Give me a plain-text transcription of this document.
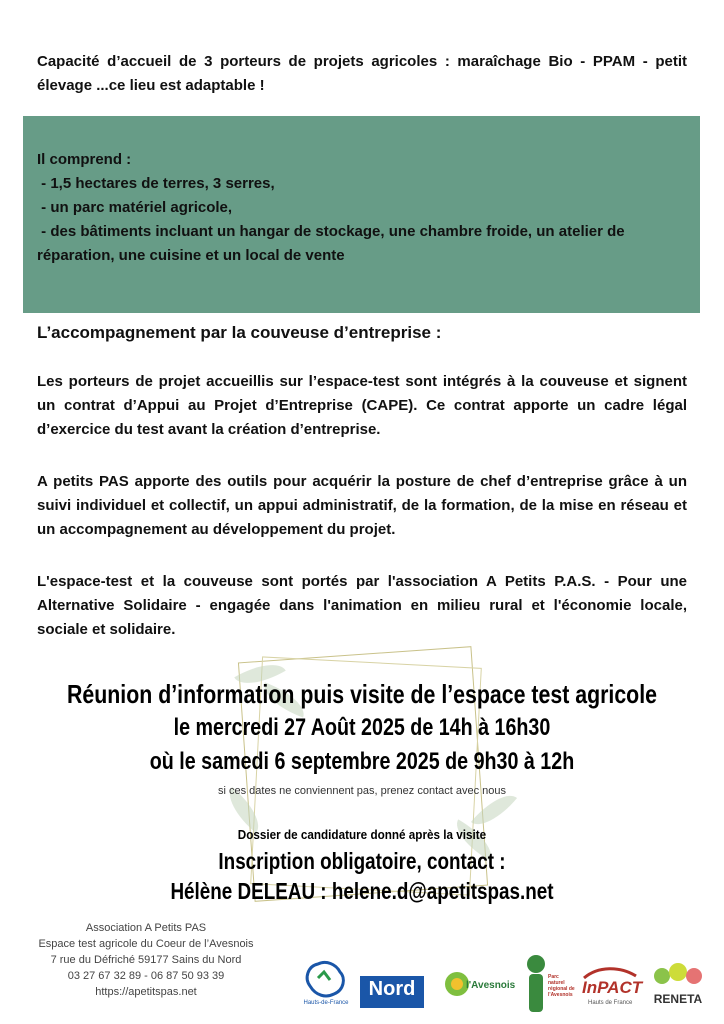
Capacité d’accueil de 3 porteurs de projets agricoles : maraîchage Bio - PPAM - petit élevage ...ce lieu est adaptable !
Il comprend :
- 1,5 hectares de terres, 3 serres,
- un parc matériel agricole,
- des bâtiments incluant un hangar de stockage, une chambre froide, un atelier de
réparation, une cuisine et un local de vente
L’accompagnement par la couveuse d’entreprise :
Les porteurs de projet accueillis sur l’espace-test sont intégrés à la couveuse et signent un contrat d’Appui au Projet d’Entreprise (CAPE). Ce contrat apporte un cadre légal d’exercice du test avant la création d’entreprise.
A petits PAS apporte des outils pour acquérir la posture de chef d’entreprise grâce à un suivi individuel et collectif, un appui administratif, de la formation, de la mise en réseau et un accompagnement au développement du projet.
L'espace-test et la couveuse sont portés par l'association A Petits P.A.S. - Pour une Alternative Solidaire - engagée dans l'animation en milieu rural et l'économie locale, sociale et solidaire.
Réunion d’information puis visite de l’espace test agricole
le mercredi 27 Août 2025 de 14h à 16h30
où le samedi 6 septembre 2025 de 9h30 à 12h
si ces dates ne conviennent pas, prenez contact avec nous
Dossier de candidature donné après la visite
Inscription obligatoire, contact :
Hélène DELEAU : helene.d@apetitspas.net
Association A Petits PAS
Espace test agricole du Coeur de l’Avesnois
7 rue du Défriché 59177 Sains du Nord
03 27 67 32 89 - 06 87 50 93 39
https://apetitspas.net
Hauts-de-France
Nord	l'Avesnois
Parc naturel régional de l'Avesnois InPACT
Hauts de France	RENETA
